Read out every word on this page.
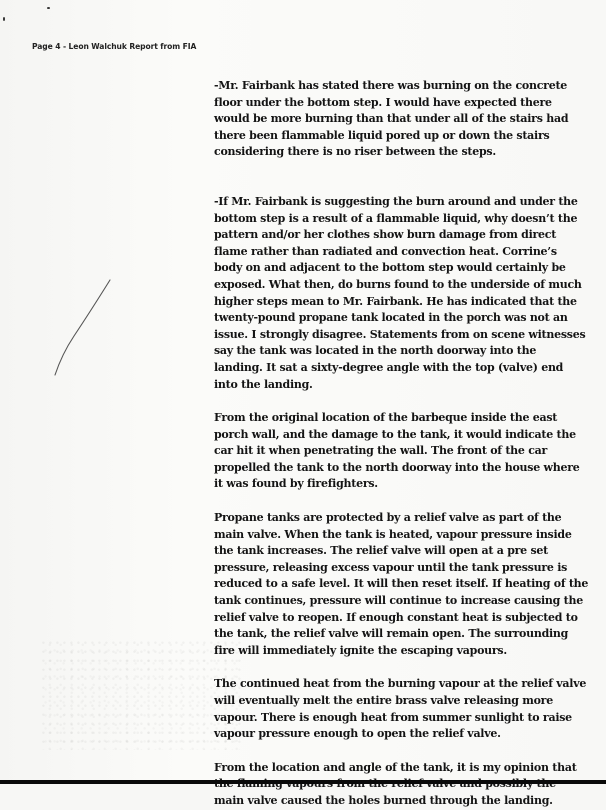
Page 4 - Leon Walchuk Report from FIA

-Mr. Fairbank has stated there was burning on the concrete
floor under the bottom step. I would have expected there
would be more burning than that under all of the stairs had
there been flammable liquid pored up or down the stairs
considering there is no riser between the steps.

-If Mr. Fairbank is suggesting the burn around and under the
bottom step is a result of a flammable liquid, why doesn’t the
pattern and/or her clothes show burn damage from direct
flame rather than radiated and convection heat. Corrine’s
body on and adjacent to the bottom step would certainly be
exposed. What then, do burns found to the underside of much
higher steps mean to Mr. Fairbank. He has indicated that the
twenty-pound propane tank located in the porch was not an
issue. I strongly disagree. Statements from on scene witnesses
say the tank was located in the north doorway into the
landing. It sat a sixty-degree angle with the top (valve) end
into the landing.

From the original location of the barbeque inside the east
porch wall, and the damage to the tank, it would indicate the
car hit it when penetrating the wall. The front of the car
propelled the tank to the north doorway into the house where
it was found by firefighters.

Propane tanks are protected by a relief valve as part of the
main valve. When the tank is heated, vapour pressure inside
the tank increases. The relief valve will open at a pre set
pressure, releasing excess vapour until the tank pressure is
reduced to a safe level. It will then reset itself. If heating of the
tank continues, pressure will continue to increase causing the
relief valve to reopen. If enough constant heat is subjected to
the tank, the relief valve will remain open. The surrounding
fire will immediately ignite the escaping vapours.

The continued heat from the burning vapour at the relief valve
will eventually melt the entire brass valve releasing more
vapour. There is enough heat from summer sunlight to raise
vapour pressure enough to open the relief valve.

From the location and angle of the tank, it is my opinion that
main valve caused the holes burned through the landing.
